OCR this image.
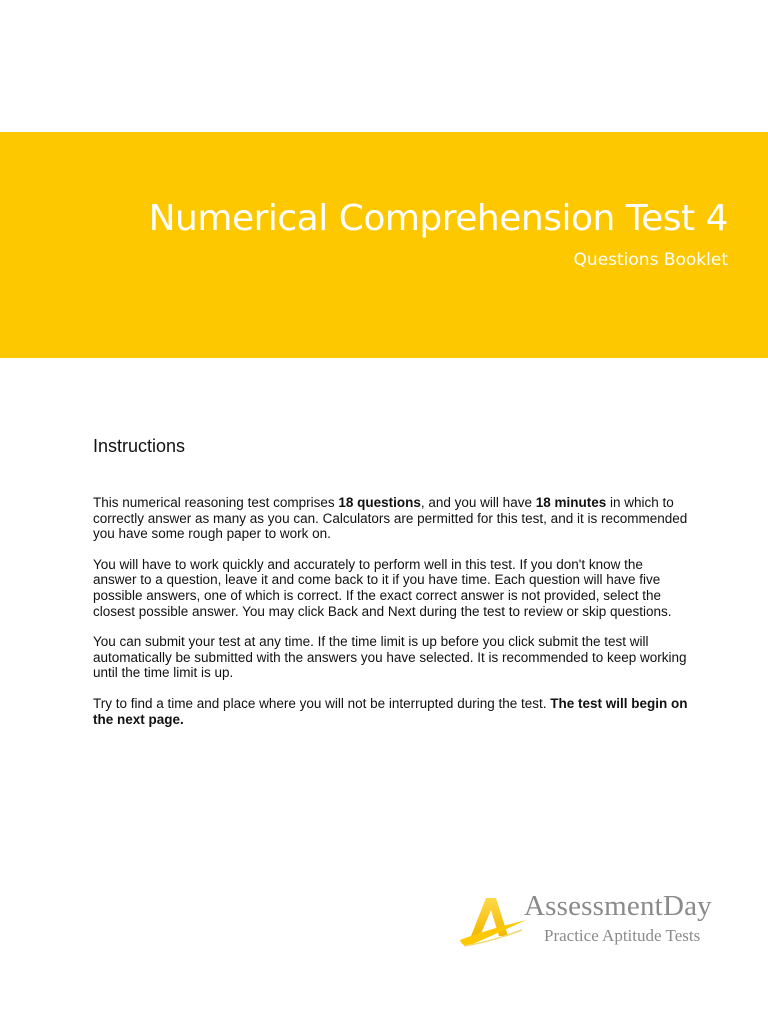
Numerical Comprehension Test 4
Questions Booklet
Instructions

This numerical reasoning test comprises 18 questions, and you will have 18 minutes in which to correctly answer as many as you can. Calculators are permitted for this test, and it is recommended you have some rough paper to work on.

You will have to work quickly and accurately to perform well in this test. If you don't know the answer to a question, leave it and come back to it if you have time. Each question will have five possible answers, one of which is correct. If the exact correct answer is not provided, select the closest possible answer. You may click Back and Next during the test to review or skip questions.

You can submit your test at any time. If the time limit is up before you click submit the test will automatically be submitted with the answers you have selected. It is recommended to keep working until the time limit is up.

Try to find a time and place where you will not be interrupted during the test. The test will begin on the next page.

AssessmentDay
Practice Aptitude Tests
